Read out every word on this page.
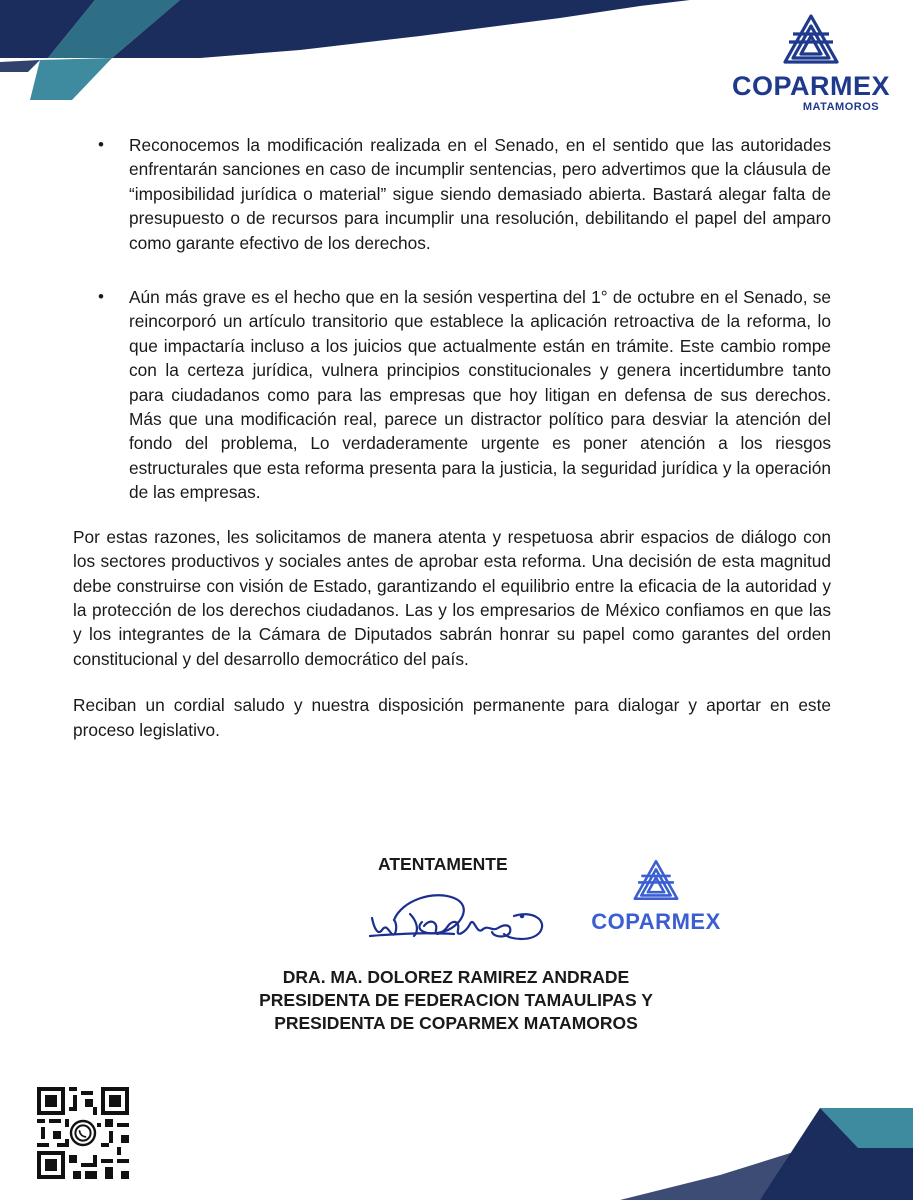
COPARMEX
MATAMOROS
• Reconocemos la modificación realizada en el Senado, en el sentido que las autoridades enfrentarán sanciones en caso de incumplir sentencias, pero advertimos que la cláusula de “imposibilidad jurídica o material” sigue siendo demasiado abierta. Bastará alegar falta de presupuesto o de recursos para incumplir una resolución, debilitando el papel del amparo como garante efectivo de los derechos.
• Aún más grave es el hecho que en la sesión vespertina del 1° de octubre en el Senado, se reincorporó un artículo transitorio que establece la aplicación retroactiva de la reforma, lo que impactaría incluso a los juicios que actualmente están en trámite. Este cambio rompe con la certeza jurídica, vulnera principios constitucionales y genera incertidumbre tanto para ciudadanos como para las empresas que hoy litigan en defensa de sus derechos. Más que una modificación real, parece un distractor político para desviar la atención del fondo del problema, Lo verdaderamente urgente es poner atención a los riesgos estructurales que esta reforma presenta para la justicia, la seguridad jurídica y la operación de las empresas.

Por estas razones, les solicitamos de manera atenta y respetuosa abrir espacios de diálogo con los sectores productivos y sociales antes de aprobar esta reforma. Una decisión de esta magnitud debe construirse con visión de Estado, garantizando el equilibrio entre la eficacia de la autoridad y la protección de los derechos ciudadanos. Las y los empresarios de México confiamos en que las y los integrantes de la Cámara de Diputados sabrán honrar su papel como garantes del orden constitucional y del desarrollo democrático del país.

Reciban un cordial saludo y nuestra disposición permanente para dialogar y aportar en este proceso legislativo.

ATENTAMENTE
COPARMEX
DRA. MA. DOLOREZ RAMIREZ ANDRADE
PRESIDENTA DE FEDERACION TAMAULIPAS Y
PRESIDENTA DE COPARMEX MATAMOROS
